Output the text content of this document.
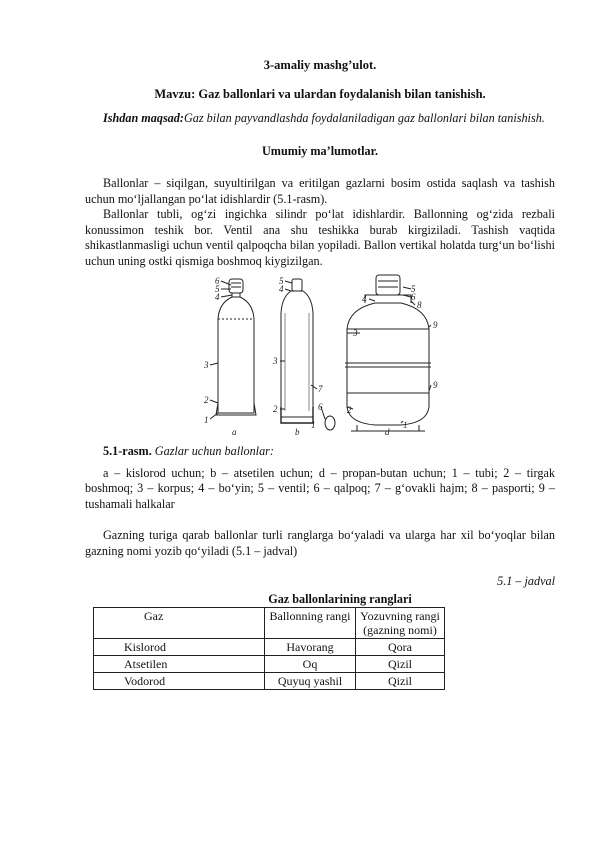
3-amaliy mashg’ulot.

Mavzu: Gaz ballonlari va ulardan foydalanish bilan tanishish.

Ishdan maqsad:Gaz bilan payvandlashda foydalaniladigan gaz ballonlari bilan tanishish.

Umumiy ma’lumotlar.

Ballonlar – siqilgan, suyultirilgan va eritilgan gazlarni bosim ostida saqlash va tashish uchun mo‘ljallangan po‘lat idishlardir (5.1-rasm).

Ballonlar tubli, og‘zi ingichka silindr po‘lat idishlardir. Ballonning og‘zida rezbali konussimon teshik bor. Ventil ana shu teshikka burab kirgiziladi. Tashish vaqtida shikastlanmasligi uchun ventil qalpoqcha bilan yopiladi. Ballon vertikal holatda turg‘un bo‘lishi uchun uning ostki qismiga boshmoq kiygizilgan.

6
5
4
3
2
1
a
5
4
3
7
2	6
1
b
5
6
4
8
3
9
9
2
1
d

5.1-rasm. Gazlar uchun ballonlar:

a – kislorod uchun; b – atsetilen uchun; d – propan-butan uchun; 1 – tubi; 2 – tirgak boshmoq; 3 – korpus; 4 – bo‘yin; 5 – ventil; 6 – qalpoq; 7 – g‘ovakli hajm; 8 – pasporti; 9 – tushamali halkalar

Gazning turiga qarab ballonlar turli ranglarga bo‘yaladi va ularga har xil bo‘yoqlar bilan gazning nomi yozib qo‘yiladi (5.1 – jadval)

5.1 – jadval

Gaz ballonlarining ranglari

Gaz	Ballonning rangi	Yozuvning rangi (gazning nomi)
Kislorod	Havorang	Qora
Atsetilen	Oq	Qizil
Vodorod	Quyuq yashil	Qizil
